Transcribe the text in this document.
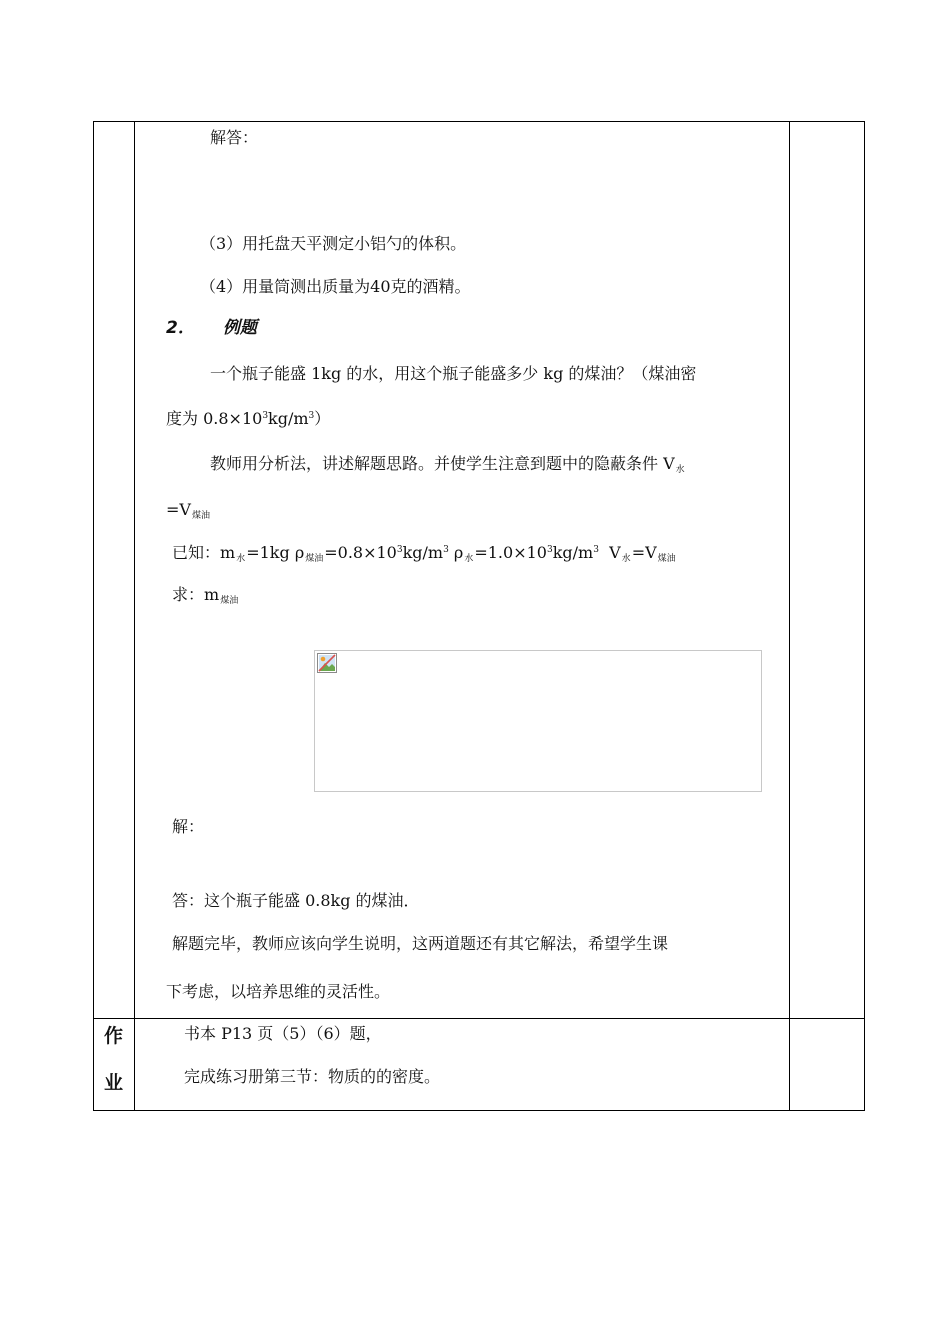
解答：
（3）用托盘天平测定小铝勺的体积。
（4）用量筒测出质量为40克的酒精。
2． 例题
一个瓶子能盛 1kg 的水，用这个瓶子能盛多少 kg 的煤油？（煤油密
度为 $0.8\times 10^3kg/m^3$）
教师用分析法，讲述解题思路。并使学生注意到题中的隐蔽条件 V水
=V煤油
已知：m水=1kg ρ煤油$=0.8\times 10^3kg/m^3$ ρ水$=1.0\times 10^3kg/m^3$  V水=V煤油
求：m煤油
解：
答：这个瓶子能盛 0.8kg 的煤油．
解题完毕，教师应该向学生说明，这两道题还有其它解法，希望学生课
下考虑，以培养思维的灵活性。
作
业
书本 P13 页（5）（6）题，
完成练习册第三节：物质的的密度。
